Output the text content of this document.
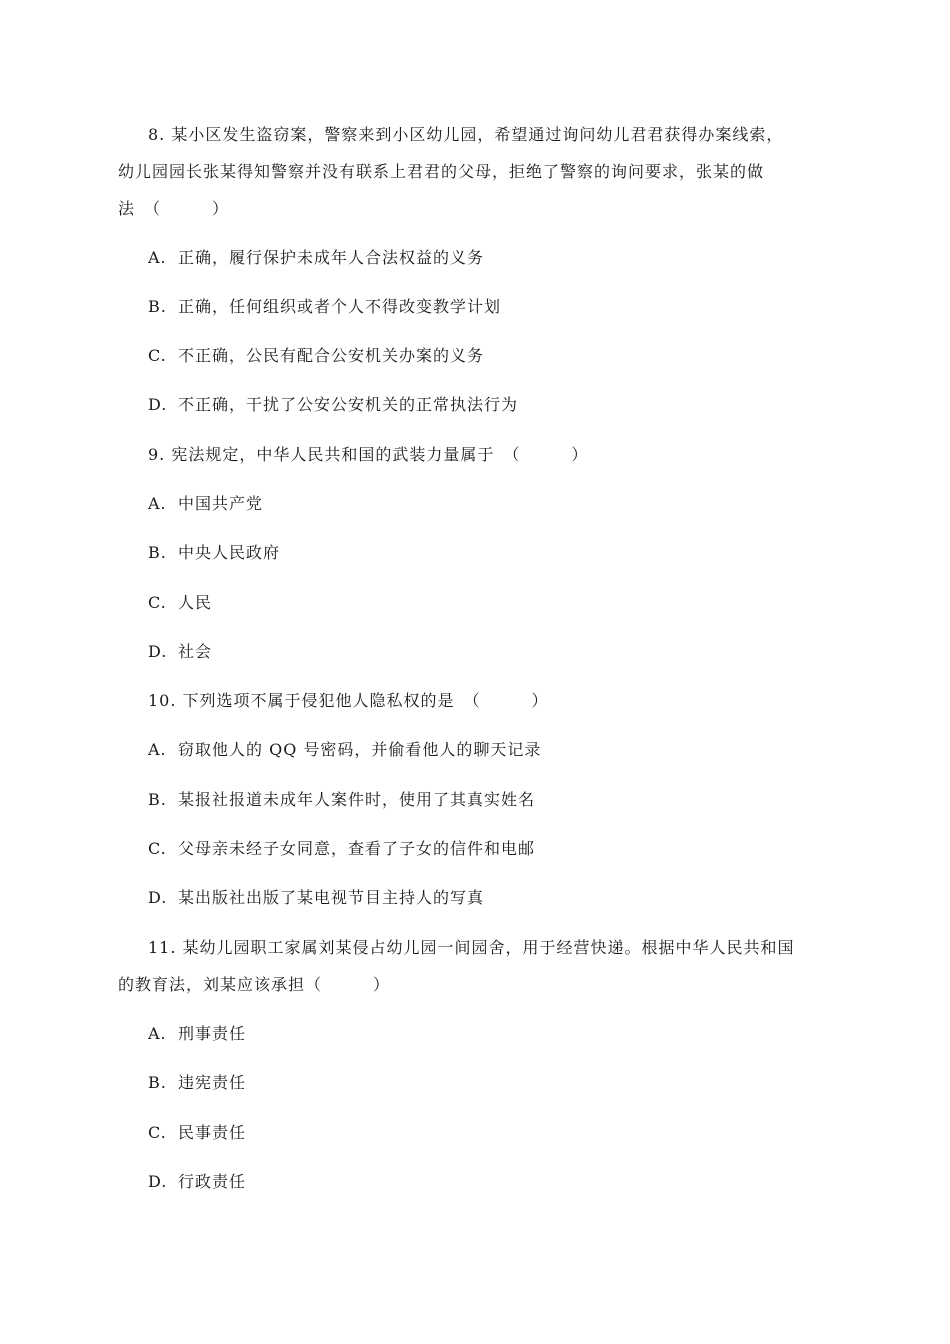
8. 某小区发生盗窃案，警察来到小区幼儿园，希望通过询问幼儿君君获得办案线索，
幼儿园园长张某得知警察并没有联系上君君的父母，拒绝了警察的询问要求，张某的做
法　（　　　）
A. 正确，履行保护未成年人合法权益的义务
B. 正确，任何组织或者个人不得改变教学计划
C. 不正确，公民有配合公安机关办案的义务
D. 不正确，干扰了公安公安机关的正常执法行为
9. 宪法规定，中华人民共和国的武装力量属于　（　　　）
A. 中国共产党
B. 中央人民政府
C. 人民
D. 社会
10. 下列选项不属于侵犯他人隐私权的是　（　　　）
A. 窃取他人的 QQ 号密码，并偷看他人的聊天记录
B. 某报社报道未成年人案件时，使用了其真实姓名
C. 父母亲未经子女同意，查看了子女的信件和电邮
D. 某出版社出版了某电视节目主持人的写真
11. 某幼儿园职工家属刘某侵占幼儿园一间园舍，用于经营快递。根据中华人民共和国
的教育法，刘某应该承担（　　　）
A. 刑事责任
B. 违宪责任
C. 民事责任
D. 行政责任
